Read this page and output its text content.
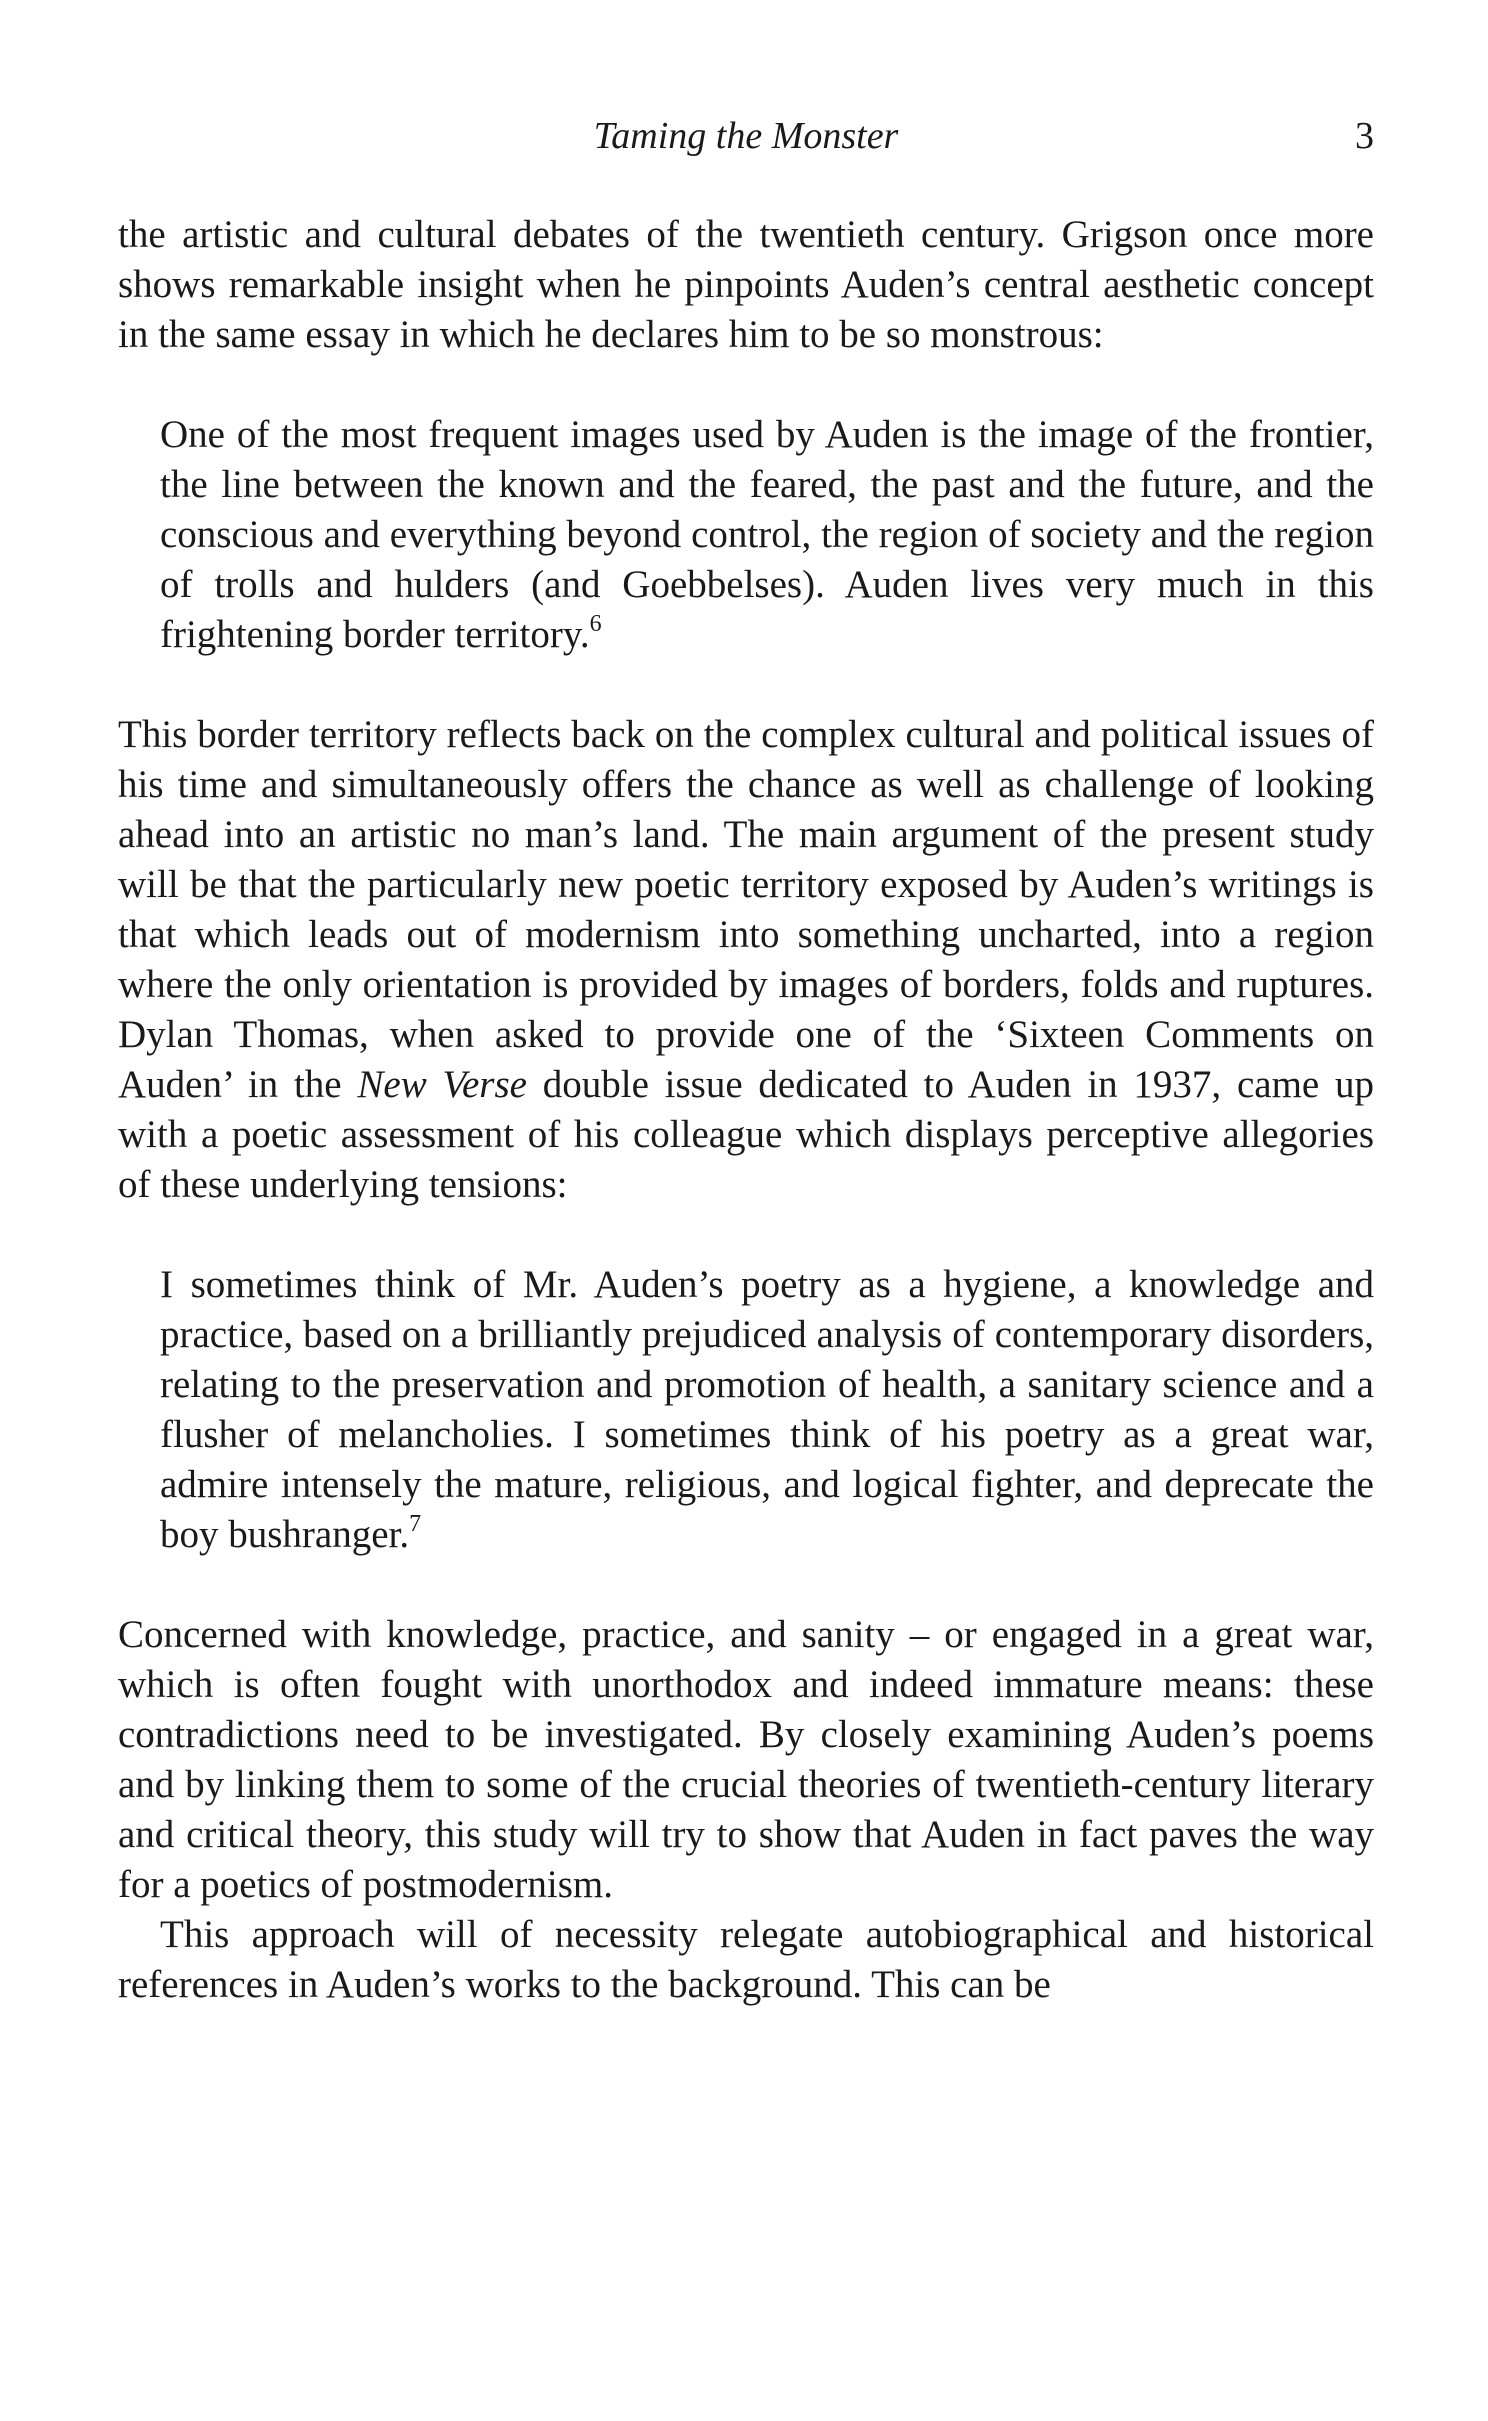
Taming the Monster	3

the artistic and cultural debates of the twentieth century. Grigson once more shows remarkable insight when he pinpoints Auden’s central aesthetic concept in the same essay in which he declares him to be so monstrous:

One of the most frequent images used by Auden is the image of the frontier, the line between the known and the feared, the past and the future, and the conscious and everything beyond control, the region of society and the region of trolls and hulders (and Goebbelses). Auden lives very much in this frightening border territory.$^6$

This border territory reflects back on the complex cultural and political issues of his time and simultaneously offers the chance as well as challenge of looking ahead into an artistic no man’s land. The main argument of the present study will be that the particularly new poetic territory exposed by Auden’s writings is that which leads out of modernism into something uncharted, into a region where the only orientation is provided by images of borders, folds and ruptures. Dylan Thomas, when asked to provide one of the ‘Sixteen Comments on Auden’ in the New Verse double issue dedicated to Auden in 1937, came up with a poetic assessment of his colleague which displays perceptive allegories of these underlying tensions:

I sometimes think of Mr. Auden’s poetry as a hygiene, a knowledge and practice, based on a brilliantly prejudiced analysis of contemporary disorders, relating to the preservation and promotion of health, a sanitary science and a flusher of melancholies. I sometimes think of his poetry as a great war, admire intensely the mature, religious, and logical fighter, and deprecate the boy bushranger.$^7$

Concerned with knowledge, practice, and sanity – or engaged in a great war, which is often fought with unorthodox and indeed immature means: these contradictions need to be investigated. By closely examining Auden’s poems and by linking them to some of the crucial theories of twentieth-century literary and critical theory, this study will try to show that Auden in fact paves the way for a poetics of postmodernism.

This approach will of necessity relegate autobiographical and historical references in Auden’s works to the background. This can be
